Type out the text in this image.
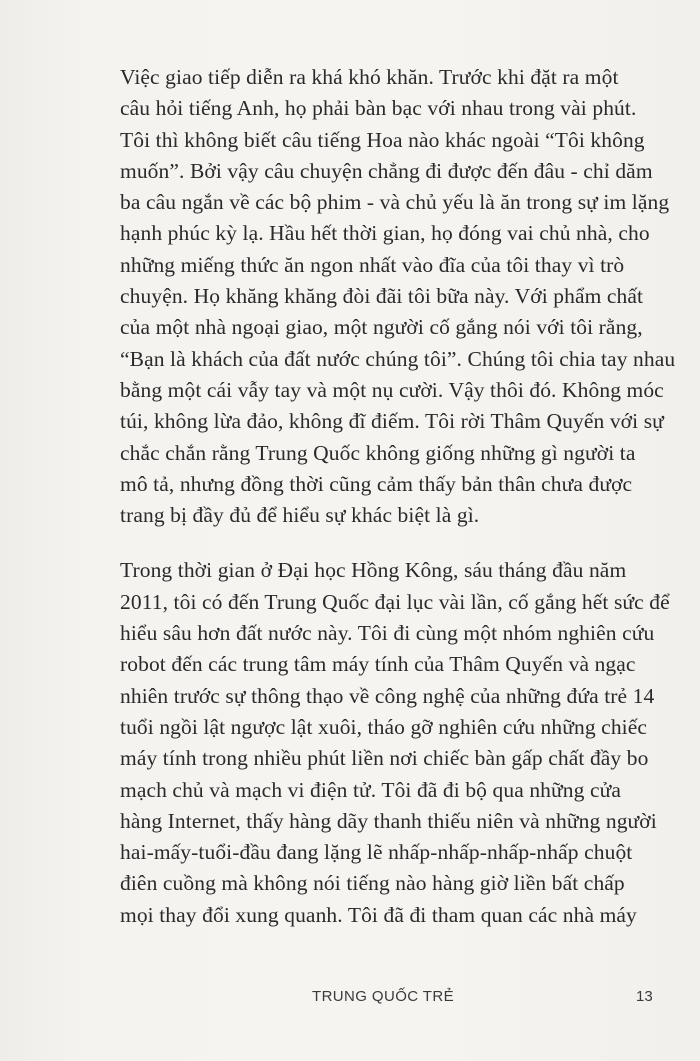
Việc giao tiếp diễn ra khá khó khăn. Trước khi đặt ra một
câu hỏi tiếng Anh, họ phải bàn bạc với nhau trong vài phút.
Tôi thì không biết câu tiếng Hoa nào khác ngoài “Tôi không
muốn”. Bởi vậy câu chuyện chẳng đi được đến đâu - chỉ dăm
ba câu ngắn về các bộ phim - và chủ yếu là ăn trong sự im lặng
hạnh phúc kỳ lạ. Hầu hết thời gian, họ đóng vai chủ nhà, cho
những miếng thức ăn ngon nhất vào đĩa của tôi thay vì trò
chuyện. Họ khăng khăng đòi đãi tôi bữa này. Với phẩm chất
của một nhà ngoại giao, một người cố gắng nói với tôi rằng,
“Bạn là khách của đất nước chúng tôi”. Chúng tôi chia tay nhau
bằng một cái vẫy tay và một nụ cười. Vậy thôi đó. Không móc
túi, không lừa đảo, không đĩ điếm. Tôi rời Thâm Quyến với sự
chắc chắn rằng Trung Quốc không giống những gì người ta
mô tả, nhưng đồng thời cũng cảm thấy bản thân chưa được
trang bị đầy đủ để hiểu sự khác biệt là gì.
Trong thời gian ở Đại học Hồng Kông, sáu tháng đầu năm
2011, tôi có đến Trung Quốc đại lục vài lần, cố gắng hết sức để
hiểu sâu hơn đất nước này. Tôi đi cùng một nhóm nghiên cứu
robot đến các trung tâm máy tính của Thâm Quyến và ngạc
nhiên trước sự thông thạo về công nghệ của những đứa trẻ 14
tuổi ngồi lật ngược lật xuôi, tháo gỡ nghiên cứu những chiếc
máy tính trong nhiều phút liền nơi chiếc bàn gấp chất đầy bo
mạch chủ và mạch vi điện tử. Tôi đã đi bộ qua những cửa
hàng Internet, thấy hàng dãy thanh thiếu niên và những người
hai-mấy-tuổi-đầu đang lặng lẽ nhấp-nhấp-nhấp-nhấp chuột
điên cuồng mà không nói tiếng nào hàng giờ liền bất chấp
mọi thay đổi xung quanh. Tôi đã đi tham quan các nhà máy
TRUNG QUỐC TRẺ	13
